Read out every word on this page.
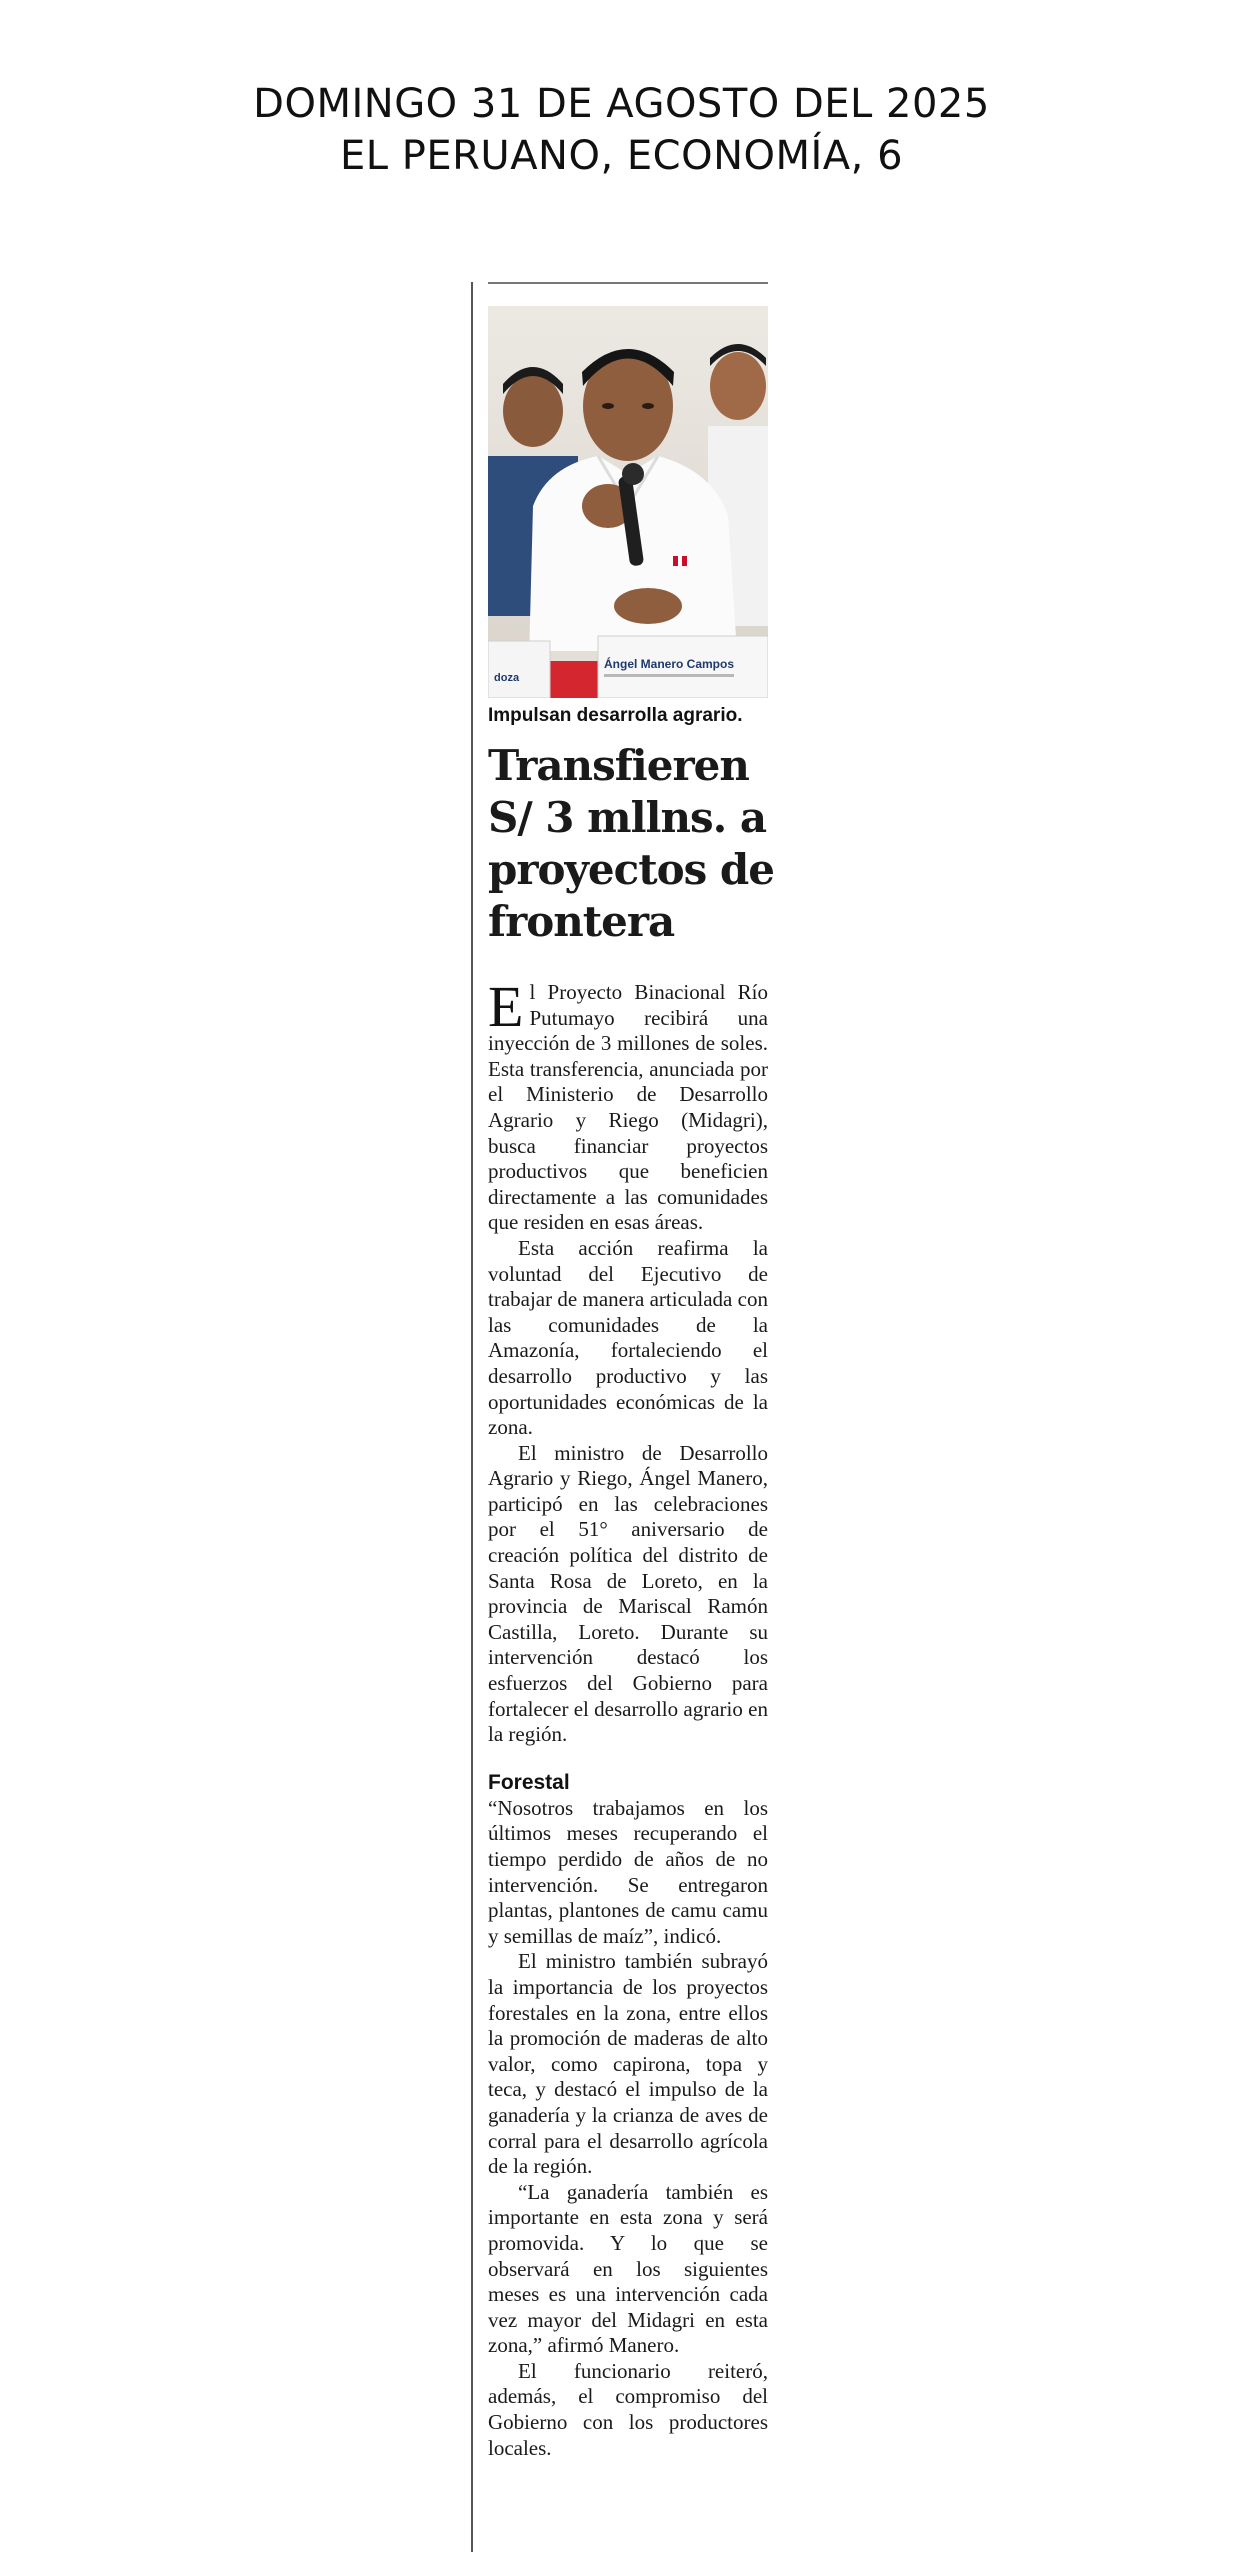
DOMINGO 31 DE AGOSTO DEL 2025
EL PERUANO, ECONOMÍA, 6
doza
Ángel Manero Campos
Impulsan desarrolla agrario.
Transfieren S/ 3 mllns. a proyectos de frontera

El Proyecto Binacional Río Putumayo recibirá una inyección de 3 millones de soles. Esta transferencia, anunciada por el Ministerio de Desarrollo Agrario y Riego (Midagri), busca financiar proyectos productivos que beneficien directamente a las comunidades que residen en esas áreas.

Esta acción reafirma la voluntad del Ejecutivo de trabajar de manera articulada con las comunidades de la Amazonía, fortaleciendo el desarrollo productivo y las oportunidades económicas de la zona.

El ministro de Desarrollo Agrario y Riego, Ángel Manero, participó en las celebraciones por el 51° aniversario de creación política del distrito de Santa Rosa de Loreto, en la provincia de Mariscal Ramón Castilla, Loreto. Durante su intervención destacó los esfuerzos del Gobierno para fortalecer el desarrollo agrario en la región.

Forestal

“Nosotros trabajamos en los últimos meses recuperando el tiempo perdido de años de no intervención. Se entregaron plantas, plantones de camu camu y semillas de maíz”, indicó.

El ministro también subrayó la importancia de los proyectos forestales en la zona, entre ellos la promoción de maderas de alto valor, como capirona, topa y teca, y destacó el impulso de la ganadería y la crianza de aves de corral para el desarrollo agrícola de la región.

“La ganadería también es importante en esta zona y será promovida. Y lo que se observará en los siguientes meses es una intervención cada vez mayor del Midagri en esta zona,” afirmó Manero.

El funcionario reiteró, además, el compromiso del Gobierno con los productores locales.
